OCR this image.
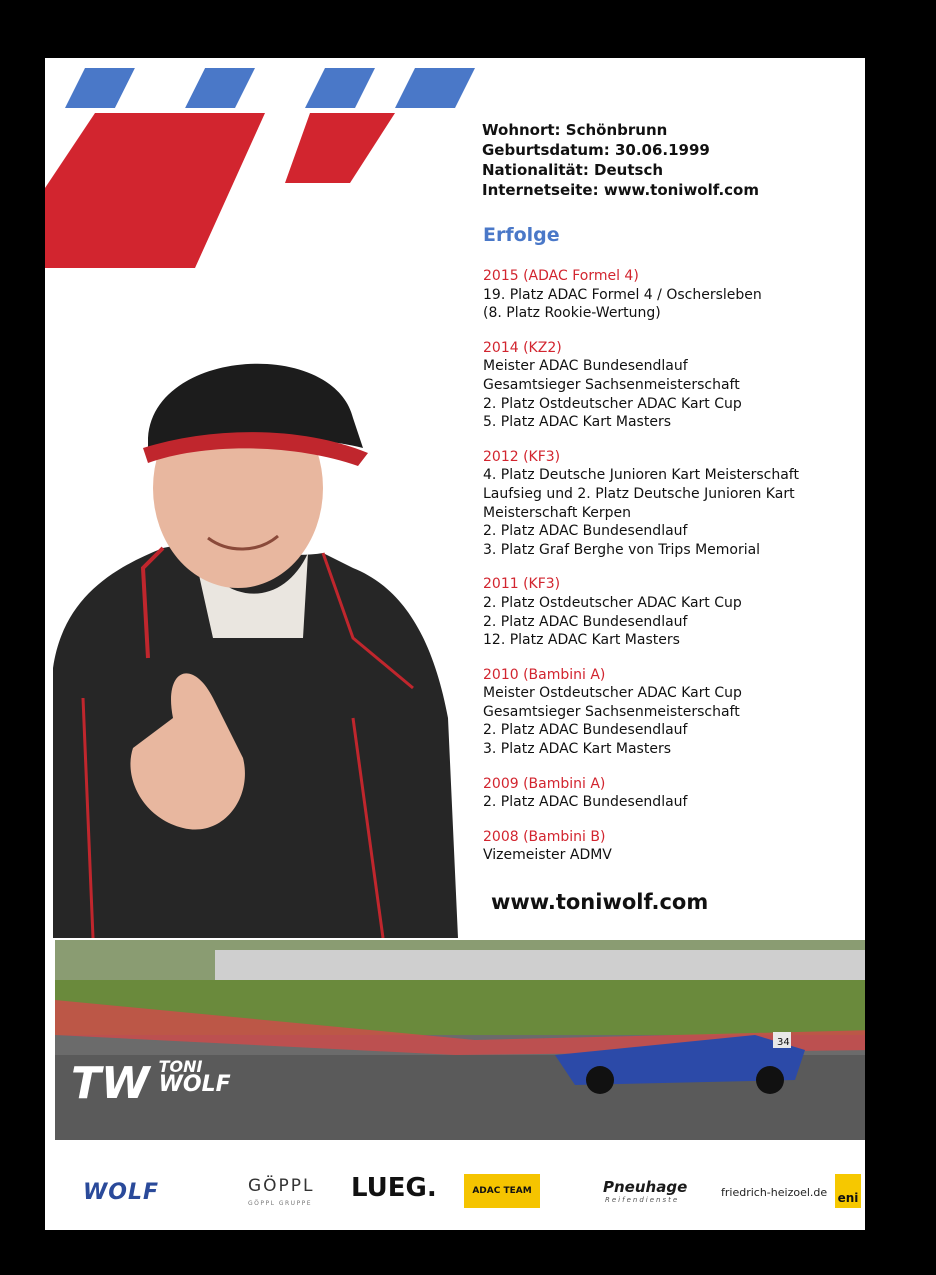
Wohnort: Schönbrunn
Geburtsdatum: 30.06.1999
Nationalität: Deutsch
Internetseite: www.toniwolf.com
Erfolge
2015 (ADAC Formel 4)
19. Platz ADAC Formel 4 / Oschersleben
(8. Platz Rookie-Wertung)
2014 (KZ2)
Meister ADAC Bundesendlauf
Gesamtsieger Sachsenmeisterschaft
2. Platz Ostdeutscher ADAC Kart Cup
5. Platz ADAC Kart Masters
2012 (KF3)
4. Platz Deutsche Junioren Kart Meisterschaft
Laufsieg und 2. Platz Deutsche Junioren Kart
Meisterschaft Kerpen
2. Platz ADAC Bundesendlauf
3. Platz Graf Berghe von Trips Memorial
2011 (KF3)
2. Platz Ostdeutscher ADAC Kart Cup
2. Platz ADAC Bundesendlauf
12. Platz ADAC Kart Masters
2010 (Bambini A)
Meister Ostdeutscher ADAC Kart Cup
Gesamtsieger Sachsenmeisterschaft
2. Platz ADAC Bundesendlauf
3. Platz ADAC Kart Masters
2009 (Bambini A)
2. Platz ADAC Bundesendlauf
2008 (Bambini B)
Vizemeister ADMV
www.toniwolf.com
34
TW TONI
WOLF
WOLF	GÖPPL
GÖPPL GRUPPE
LUEG.	ADAC TEAM	Pneuhage
Reifendienste
friedrich-heizoel.de eni
